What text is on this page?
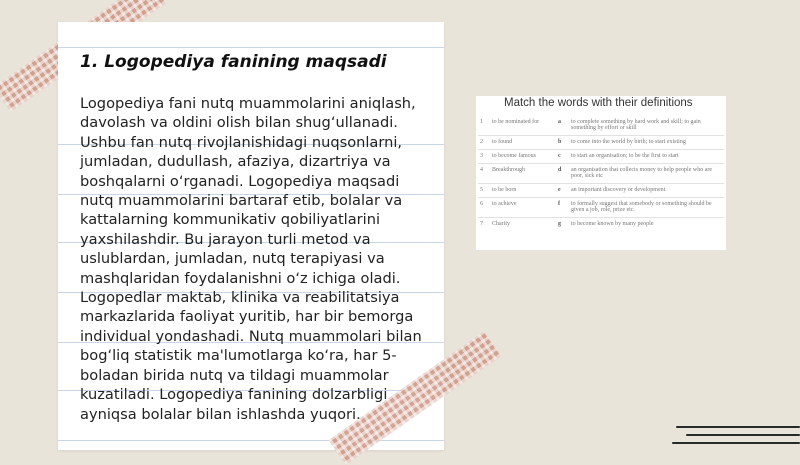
1. Logopediya fanining maqsadi

Logopediya fani nutq muammolarini aniqlash, davolash va oldini olish bilan shug‘ullanadi. Ushbu fan nutq rivojlanishidagi nuqsonlarni, jumladan, dudullash, afaziya, dizartriya va boshqalarni o‘rganadi. Logopediya maqsadi nutq muammolarini bartaraf etib, bolalar va kattalarning kommunikativ qobiliyatlarini yaxshilashdir. Bu jarayon turli metod va uslublardan, jumladan, nutq terapiyasi va mashqlaridan foydalanishni o‘z ichiga oladi. Logopedlar maktab, klinika va reabilitatsiya markazlarida faoliyat yuritib, har bir bemorga individual yondashadi. Nutq muammolari bilan bog‘liq statistik ma'lumotlarga ko‘ra, har 5-boladan birida nutq va tildagi muammolar kuzatiladi. Logopediya fanining dolzarbligi ayniqsa bolalar bilan ishlashda yuqori.

Match the words with their definitions

1	to be nominated for	a	to complete something by hard work and skill; to gain something by effort or skill
2	to found	b	to come into the world by birth; to start existing
3	to become famous	c	to start an organisation; to be the first to start
4	Breakthrough	d	an organisation that collects money to help people who are poor, sick etc
5	to be born	e	an important discovery or development
6	to achieve	f	to formally suggest that somebody or something should be given a job, role, prize etc.
7	Charity	g	to become known by many people
